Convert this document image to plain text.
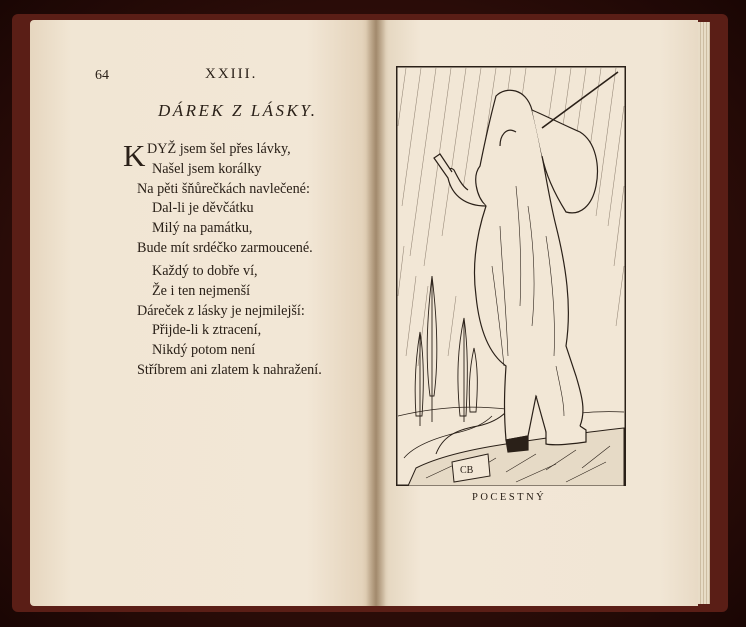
64	XXIII.
DÁREK Z LÁSKY.
K DYŽ jsem šel přes lávky,
Našel jsem korálky
Na pěti šňůrečkách navlečené:
Dal-li je děvčátku
Milý na památku,
Bude mít srdéčko zarmoucené.
Každý to dobře ví,
Že i ten nejmenší
Dáreček z lásky je nejmilejší:
Přijde-li k ztracení,
Nikdý potom není
Stříbrem ani zlatem k nahražení.
CB
POCESTNÝ
